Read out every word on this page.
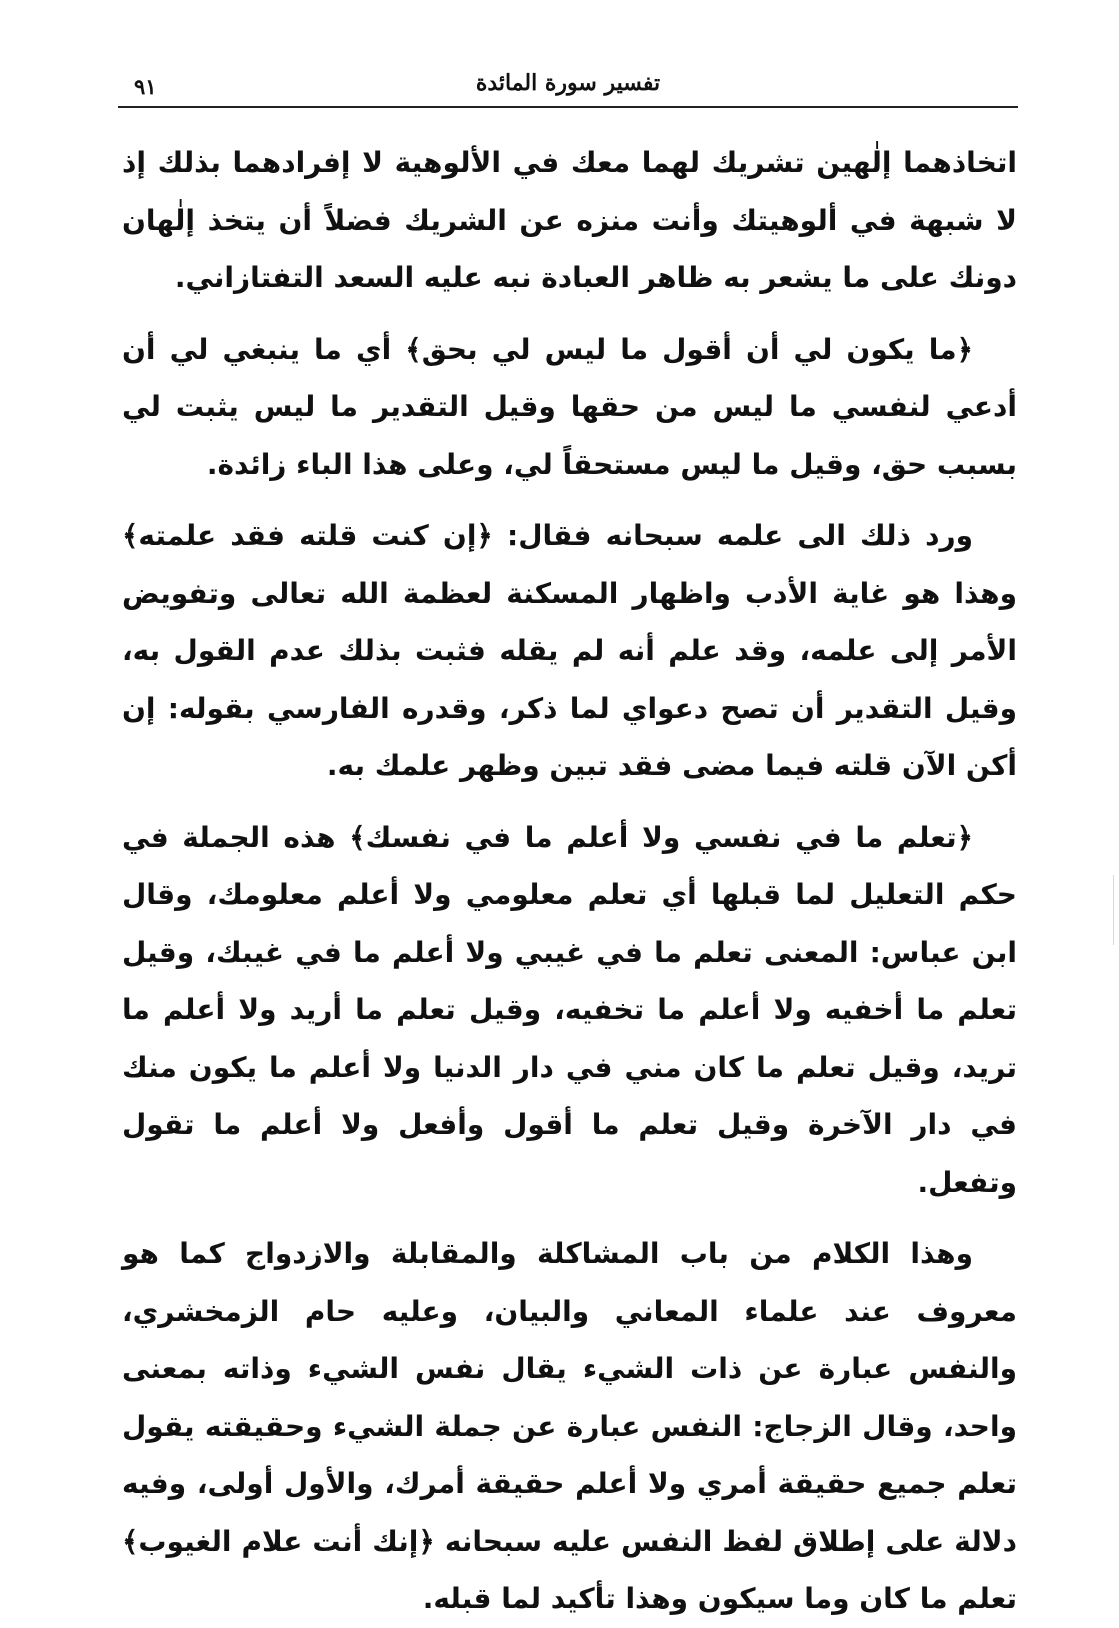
تفسير سورة المائدة
٩١

اتخاذهما إلٰهين تشريك لهما معك في الألوهية لا إفرادهما بذلك إذ لا شبهة في ألوهيتك وأنت منزه عن الشريك فضلاً أن يتخذ إلٰهان دونك على ما يشعر به ظاهر العبادة نبه عليه السعد التفتازاني.

﴿ما يكون لي أن أقول ما ليس لي بحق﴾ أي ما ينبغي لي أن أدعي لنفسي ما ليس من حقها وقيل التقدير ما ليس يثبت لي بسبب حق، وقيل ما ليس مستحقاً لي، وعلى هذا الباء زائدة.

ورد ذلك الى علمه سبحانه فقال: ﴿إن كنت قلته فقد علمته﴾ وهذا هو غاية الأدب واظهار المسكنة لعظمة الله تعالى وتفويض الأمر إلى علمه، وقد علم أنه لم يقله فثبت بذلك عدم القول به، وقيل التقدير أن تصح دعواي لما ذكر، وقدره الفارسي بقوله: إن أكن الآن قلته فيما مضى فقد تبين وظهر علمك به.

﴿تعلم ما في نفسي ولا أعلم ما في نفسك﴾ هذه الجملة في حكم التعليل لما قبلها أي تعلم معلومي ولا أعلم معلومك، وقال ابن عباس: المعنى تعلم ما في غيبي ولا أعلم ما في غيبك، وقيل تعلم ما أخفيه ولا أعلم ما تخفيه، وقيل تعلم ما أريد ولا أعلم ما تريد، وقيل تعلم ما كان مني في دار الدنيا ولا أعلم ما يكون منك في دار الآخرة وقيل تعلم ما أقول وأفعل ولا أعلم ما تقول وتفعل.

وهذا الكلام من باب المشاكلة والمقابلة والازدواج كما هو معروف عند علماء المعاني والبيان، وعليه حام الزمخشري، والنفس عبارة عن ذات الشيء يقال نفس الشيء وذاته بمعنى واحد، وقال الزجاج: النفس عبارة عن جملة الشيء وحقيقته يقول تعلم جميع حقيقة أمري ولا أعلم حقيقة أمرك، والأول أولى، وفيه دلالة على إطلاق لفظ النفس عليه سبحانه ﴿إنك أنت علام الغيوب﴾ تعلم ما كان وما سيكون وهذا تأكيد لما قبله.
